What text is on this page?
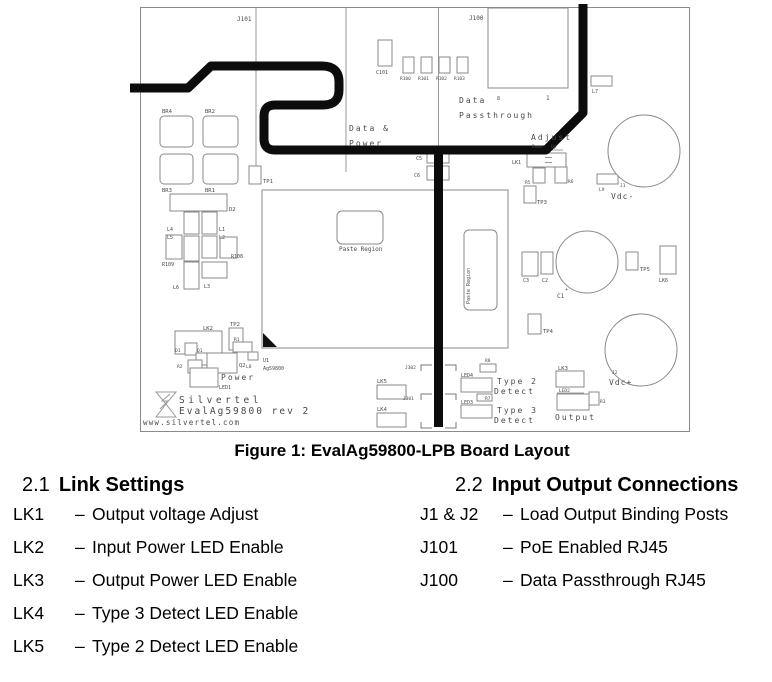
J101
C101
R100 R101 R102 R103
J100
Data 8	1
Passthrough
L7
Data &
Power
Adjust
Down Up
LK1
R5	R6
TP3
L9
J1
Vdc-
BR4	BR2
BR3	BR1
TP1
D2
L4
L5
L1
L2
R109
R108
L6	L3
Paste Region
Paste Region
C5
C6
C3	C2
C1
+
TP5
LK6
TP4
J2
Vdc+
LK2
TP2
R1
D1	Q1
R2	Q2 L8
U1
Ag59800
Power
LED1
Silvertel
EvalAg59800 rev 2
www.silvertel.com
LK5
LK4
J302
J301
R8
LED4
Type 2
Detect
R7
LED3
Type 3
Detect
LK3
LED2
Output
R3
Figure 1: EvalAg59800-LPB Board Layout
2.1 Link Settings
LK1	– Output voltage Adjust
LK2	– Input Power LED Enable
LK3	– Output Power LED Enable
LK4	– Type 3 Detect LED Enable
LK5	– Type 2 Detect LED Enable
2.2 Input Output Connections
J1 & J2	– Load Output Binding Posts
J101	– PoE Enabled RJ45
J100	– Data Passthrough RJ45
